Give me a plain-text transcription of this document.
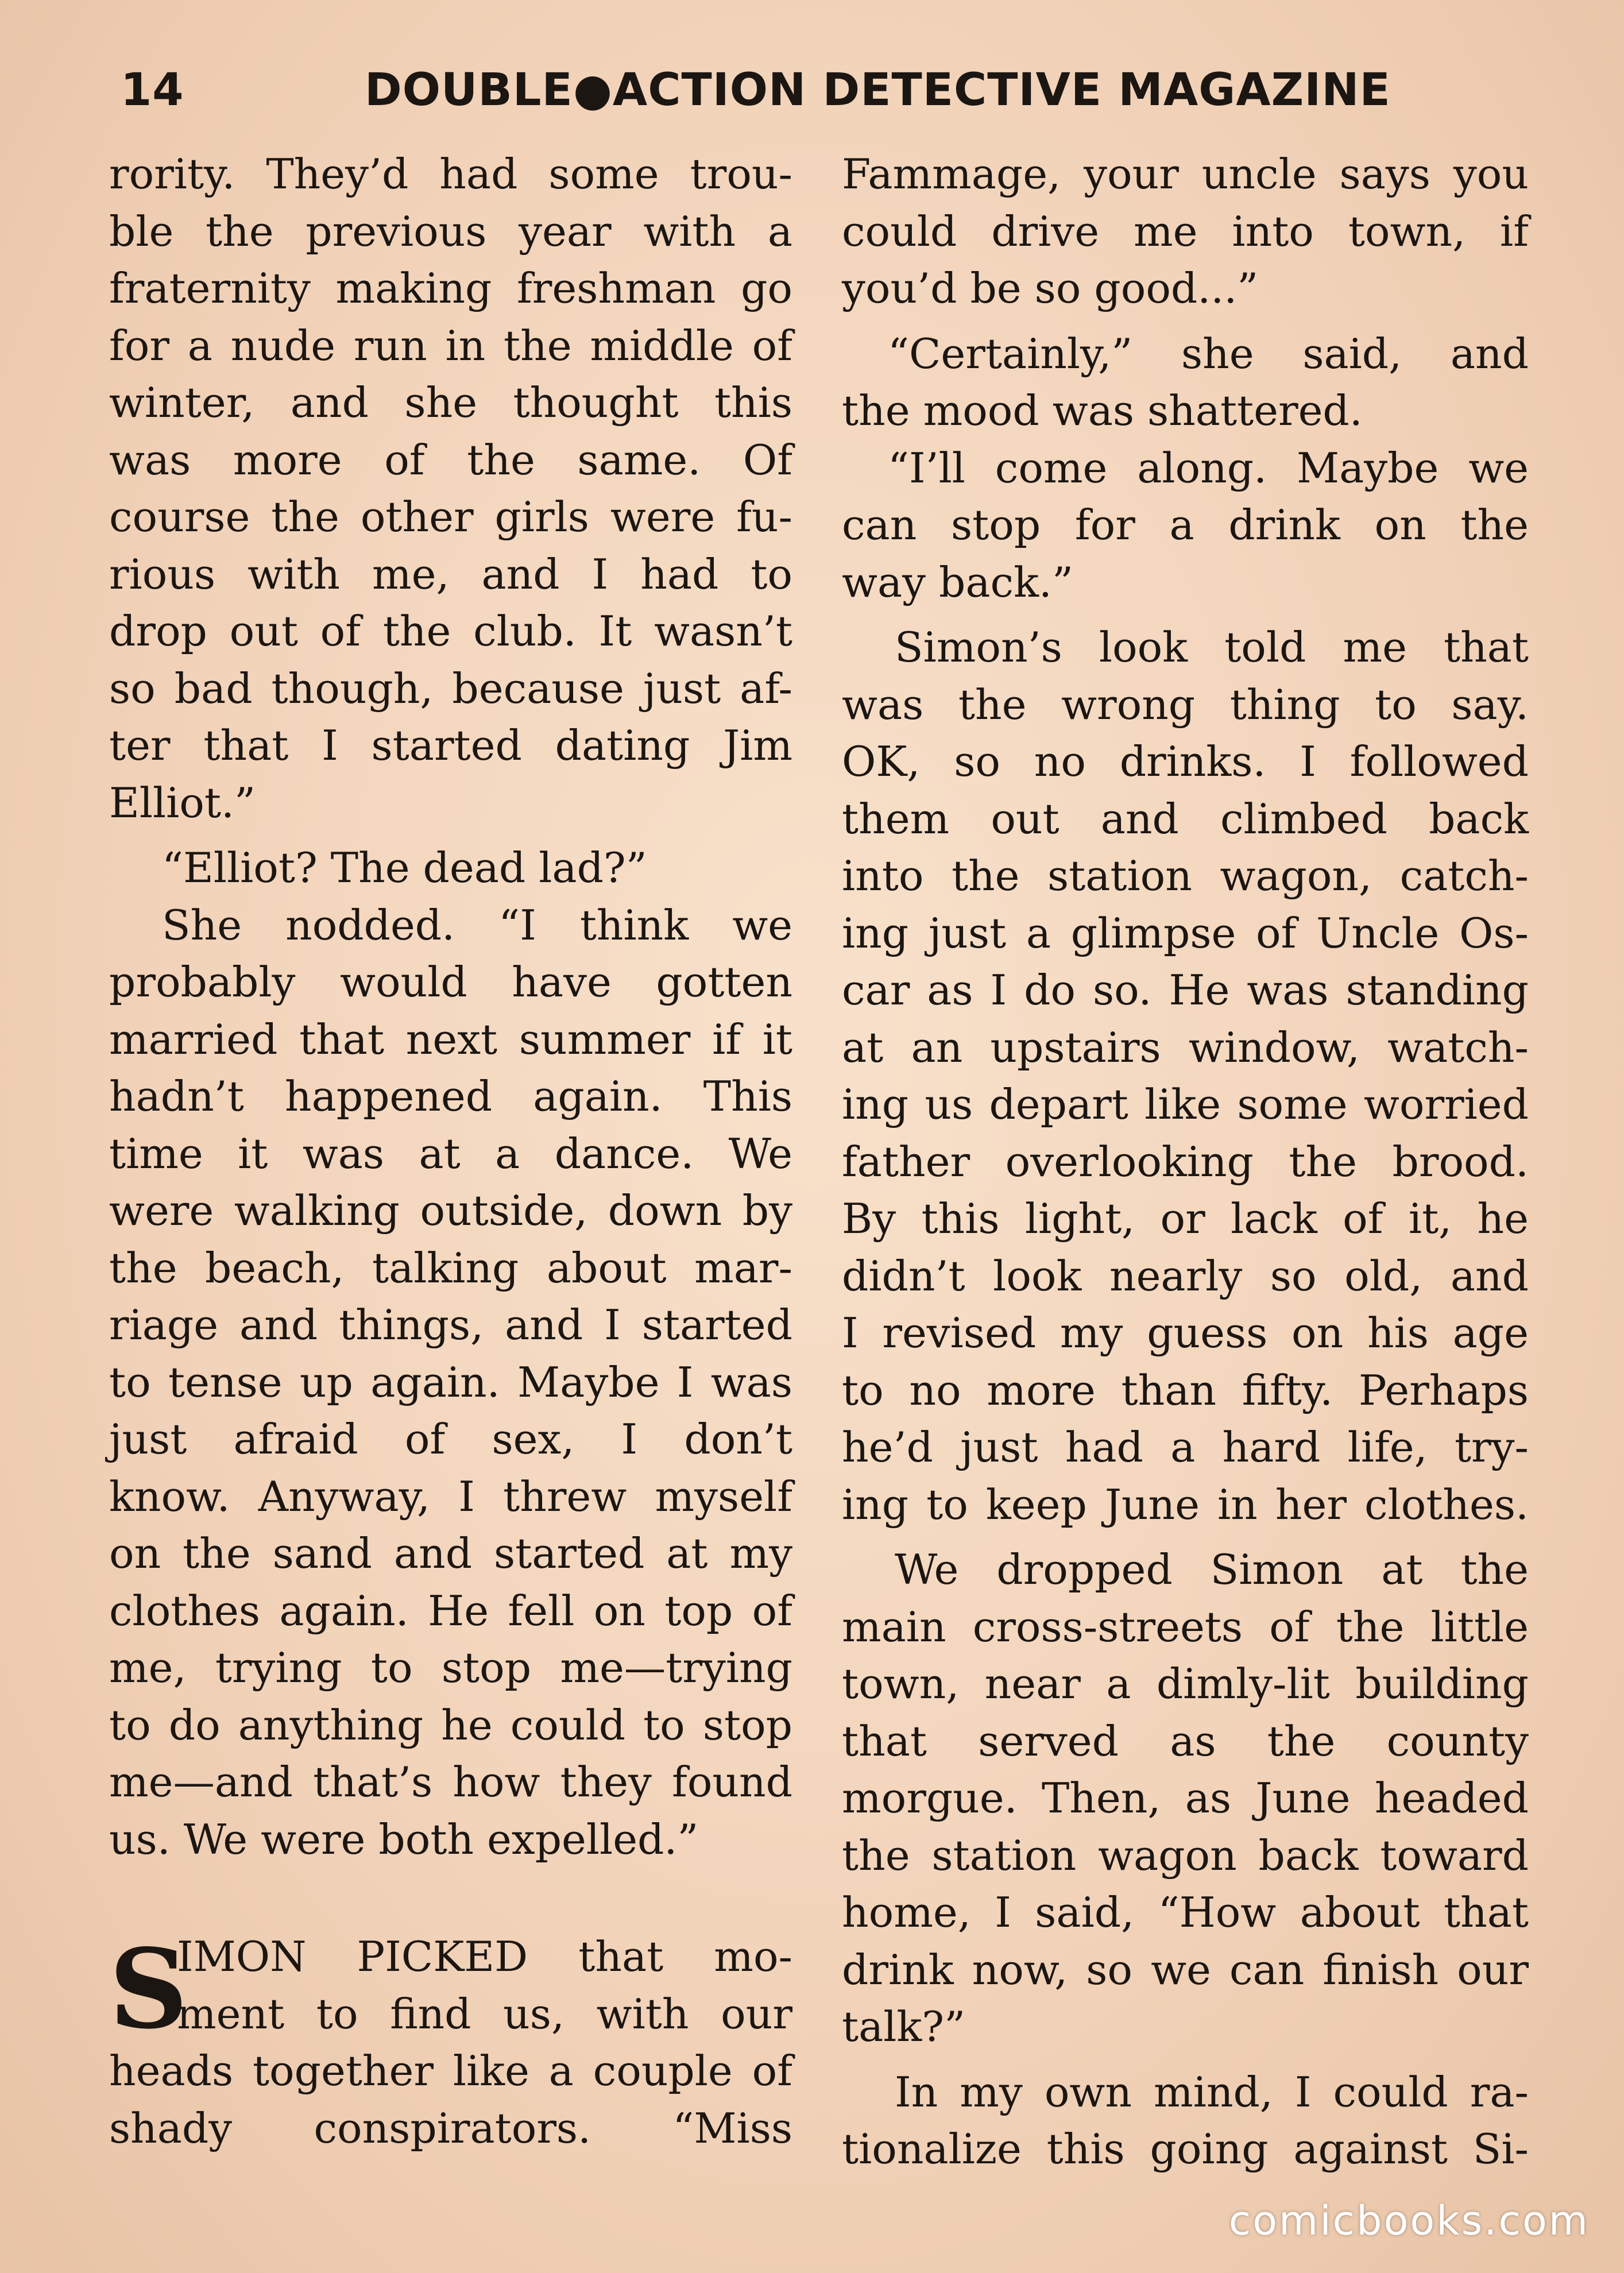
14	DOUBLE●ACTION DETECTIVE MAGAZINE
rority. They’d had some trou-
ble the previous year with a
fraternity making freshman go
for a nude run in the middle of
winter, and she thought this
was more of the same. Of
course the other girls were fu-
rious with me, and I had to
drop out of the club. It wasn’t
so bad though, because just af-
ter that I started dating Jim
Elliot.”
“Elliot? The dead lad?”
She nodded. “I think we
probably would have gotten
married that next summer if it
hadn’t happened again. This
time it was at a dance. We
were walking outside, down by
the beach, talking about mar-
riage and things, and I started
to tense up again. Maybe I was
just afraid of sex, I don’t
know. Anyway, I threw myself
on the sand and started at my
clothes again. He fell on top of
me, trying to stop me—trying
to do anything he could to stop
me—and that’s how they found
us. We were both expelled.”
S
IMON PICKED that mo-
ment to find us, with our
heads together like a couple of
shady conspirators. “Miss
Fammage, your uncle says you
could drive me into town, if
you’d be so good...”
“Certainly,” she said, and
the mood was shattered.
“I’ll come along. Maybe we
can stop for a drink on the
way back.”
Simon’s look told me that
was the wrong thing to say.
OK, so no drinks. I followed
them out and climbed back
into the station wagon, catch-
ing just a glimpse of Uncle Os-
car as I do so. He was standing
at an upstairs window, watch-
ing us depart like some worried
father overlooking the brood.
By this light, or lack of it, he
didn’t look nearly so old, and
I revised my guess on his age
to no more than fifty. Perhaps
he’d just had a hard life, try-
ing to keep June in her clothes.
We dropped Simon at the
main cross-streets of the little
town, near a dimly-lit building
that served as the county
morgue. Then, as June headed
the station wagon back toward
home, I said, “How about that
drink now, so we can finish our
talk?”
In my own mind, I could ra-
tionalize this going against Si-
comicbooks.com
